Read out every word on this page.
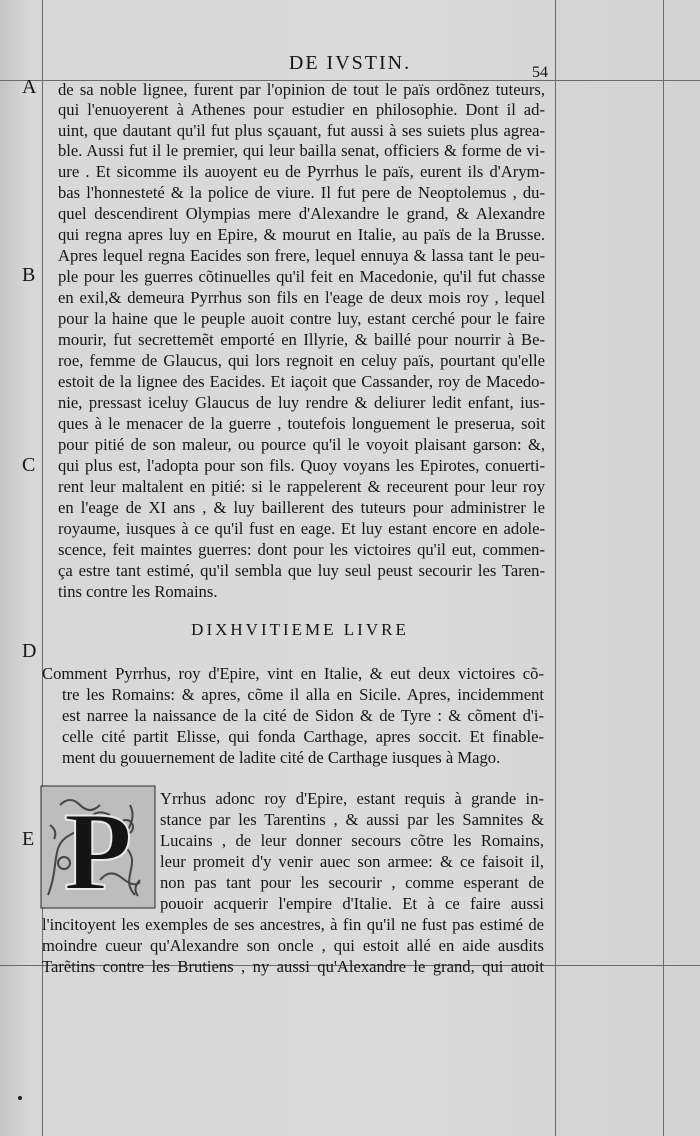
DE IVSTIN.	54
A
B
C
D
E
de sa noble lignee, furent par l'opinion de tout le païs ordõnez tuteurs,
qui l'enuoyerent à Athenes pour estudier en philosophie. Dont il ad-
uint, que dautant qu'il fut plus sçauant, fut aussi à ses suiets plus agrea-
ble. Aussi fut il le premier, qui leur bailla senat, officiers & forme de vi-
ure . Et sicomme ils auoyent eu de Pyrrhus le païs, eurent ils d'Arym-
bas l'honnesteté & la police de viure. Il fut pere de Neoptolemus , du-
quel descendirent Olympias mere d'Alexandre le grand, & Alexandre
qui regna apres luy en Epire, & mourut en Italie, au païs de la Brusse.
Apres lequel regna Eacides son frere, lequel ennuya & lassa tant le peu-
ple pour les guerres cõtinuelles qu'il feit en Macedonie, qu'il fut chasse
en exil,& demeura Pyrrhus son fils en l'eage de deux mois roy , lequel
pour la haine que le peuple auoit contre luy, estant cerché pour le faire
mourir, fut secrettemẽt emporté en Illyrie, & baillé pour nourrir à Be-
roe, femme de Glaucus, qui lors regnoit en celuy païs, pourtant qu'elle
estoit de la lignee des Eacides. Et iaçoit que Cassander, roy de Macedo-
nie, pressast iceluy Glaucus de luy rendre & deliurer ledit enfant, ius-
ques à le menacer de la guerre , toutefois longuement le preserua, soit
pour pitié de son maleur, ou pource qu'il le voyoit plaisant garson: &,
qui plus est, l'adopta pour son fils. Quoy voyans les Epirotes, conuerti-
rent leur maltalent en pitié: si le rappelerent & receurent pour leur roy
en l'eage de XI ans , & luy baillerent des tuteurs pour administrer le
royaume, iusques à ce qu'il fust en eage. Et luy estant encore en adole-
scence, feit maintes guerres: dont pour les victoires qu'il eut, commen-
ça estre tant estimé, qu'il sembla que luy seul peust secourir les Taren-
tins contre les Romains.
DIXHVITIEME LIVRE
Comment Pyrrhus, roy d'Epire, vint en Italie, & eut deux victoires cõ-
tre les Romains: & apres, cõme il alla en Sicile. Apres, incidemment
est narree la naissance de la cité de Sidon & de Tyre : & cõment d'i-
celle cité partit Elisse, qui fonda Carthage, apres soccit. Et finable-
ment du gouuernement de ladite cité de Carthage iusques à Mago.
P Yrrhus adonc roy d'Epire, estant requis à grande in-
stance par les Tarentins , & aussi par les Samnites &
Lucains , de leur donner secours cõtre les Romains,
leur promeit d'y venir auec son armee: & ce faisoit il,
non pas tant pour les secourir , comme esperant de
pouoir acquerir l'empire d'Italie. Et à ce faire aussi
l'incitoyent les exemples de ses ancestres, à fin qu'il ne fust pas estimé de
moindre cueur qu'Alexandre son oncle , qui estoit allé en aide ausdits
Tarẽtins contre les Brutiens , ny aussi qu'Alexandre le grand, qui auoit
